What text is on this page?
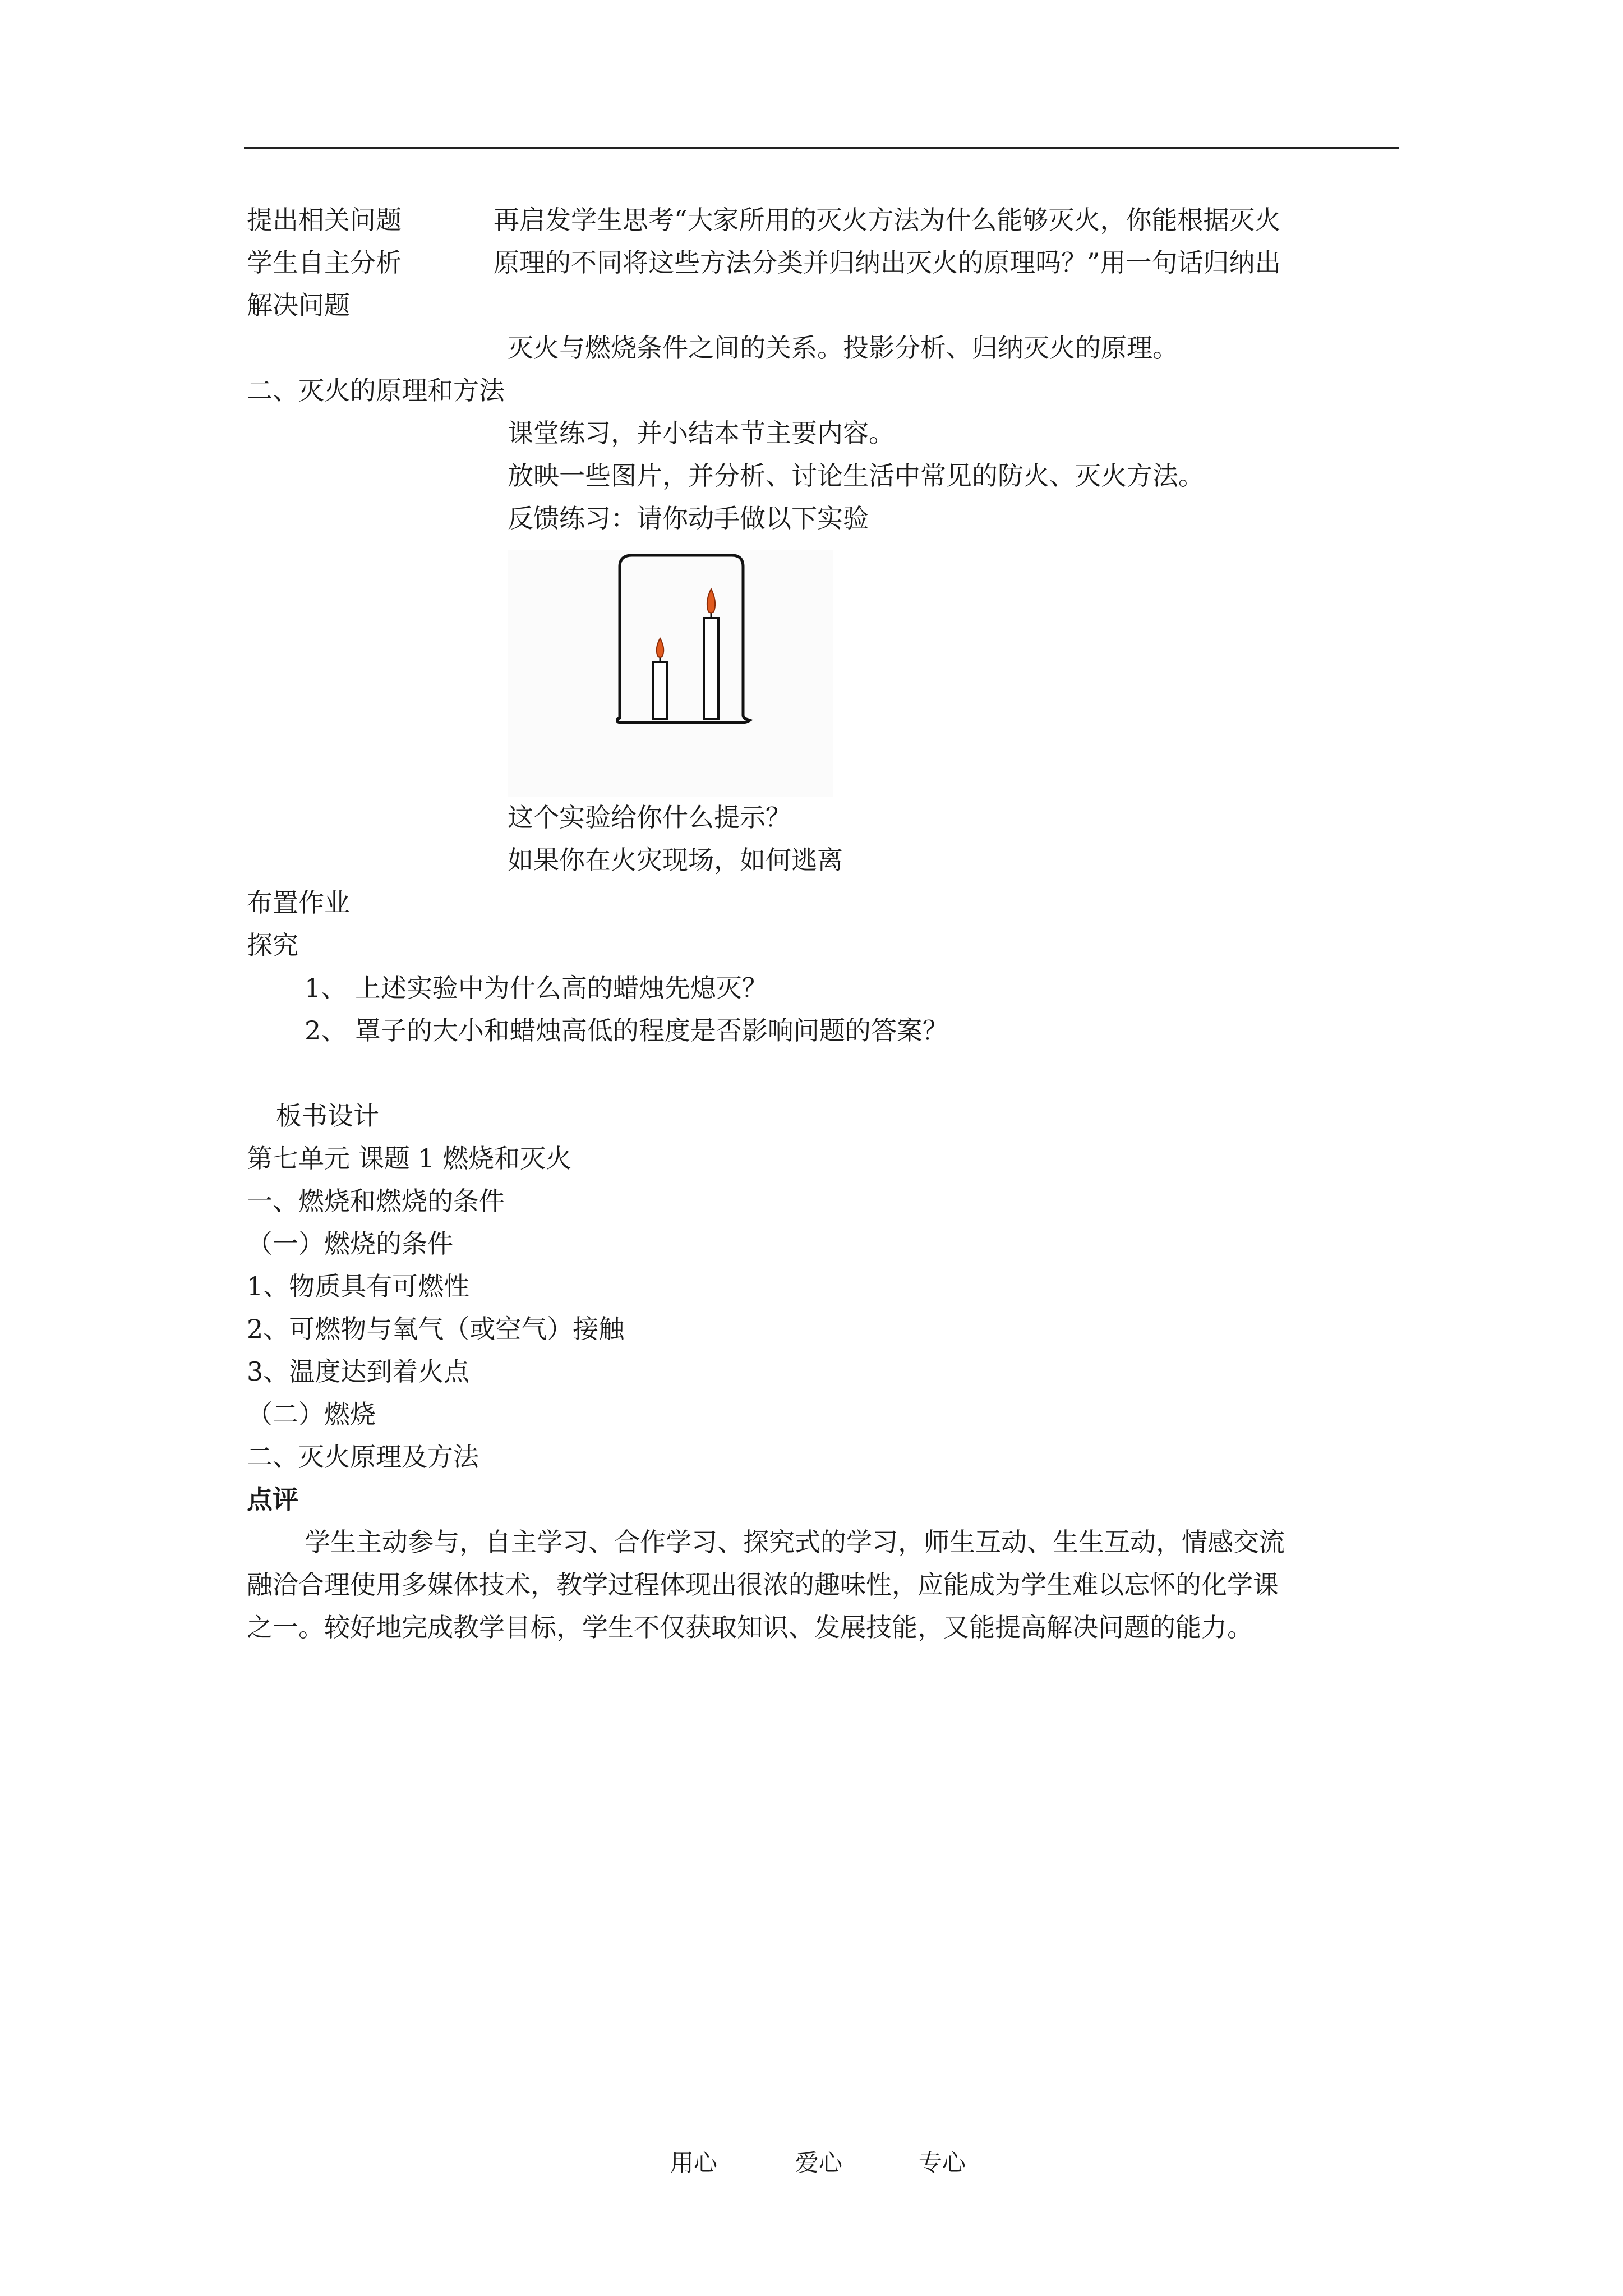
提出相关问题

学生自主分析

解决问题

再启发学生思考“大家所用的灭火方法为什么能够灭火，你能根据灭火

原理的不同将这些方法分类并归纳出灭火的原理吗？”用一句话归纳出

灭火与燃烧条件之间的关系。投影分析、归纳灭火的原理。

二、灭火的原理和方法

课堂练习，并小结本节主要内容。

放映一些图片，并分析、讨论生活中常见的防火、灭火方法。

反馈练习：请你动手做以下实验

这个实验给你什么提示？

如果你在火灾现场，如何逃离

布置作业

探究

1、 上述实验中为什么高的蜡烛先熄灭？

2、 罩子的大小和蜡烛高低的程度是否影响问题的答案？

板书设计

第七单元 课题 1 燃烧和灭火

一、燃烧和燃烧的条件

（一）燃烧的条件

1、物质具有可燃性

2、可燃物与氧气（或空气）接触

3、温度达到着火点

（二）燃烧

二、灭火原理及方法

点评

学生主动参与，自主学习、合作学习、探究式的学习，师生互动、生生互动，情感交流

融洽合理使用多媒体技术，教学过程体现出很浓的趣味性，应能成为学生难以忘怀的化学课

之一。较好地完成教学目标，学生不仅获取知识、发展技能，又能提高解决问题的能力。

用心	爱心	专心
